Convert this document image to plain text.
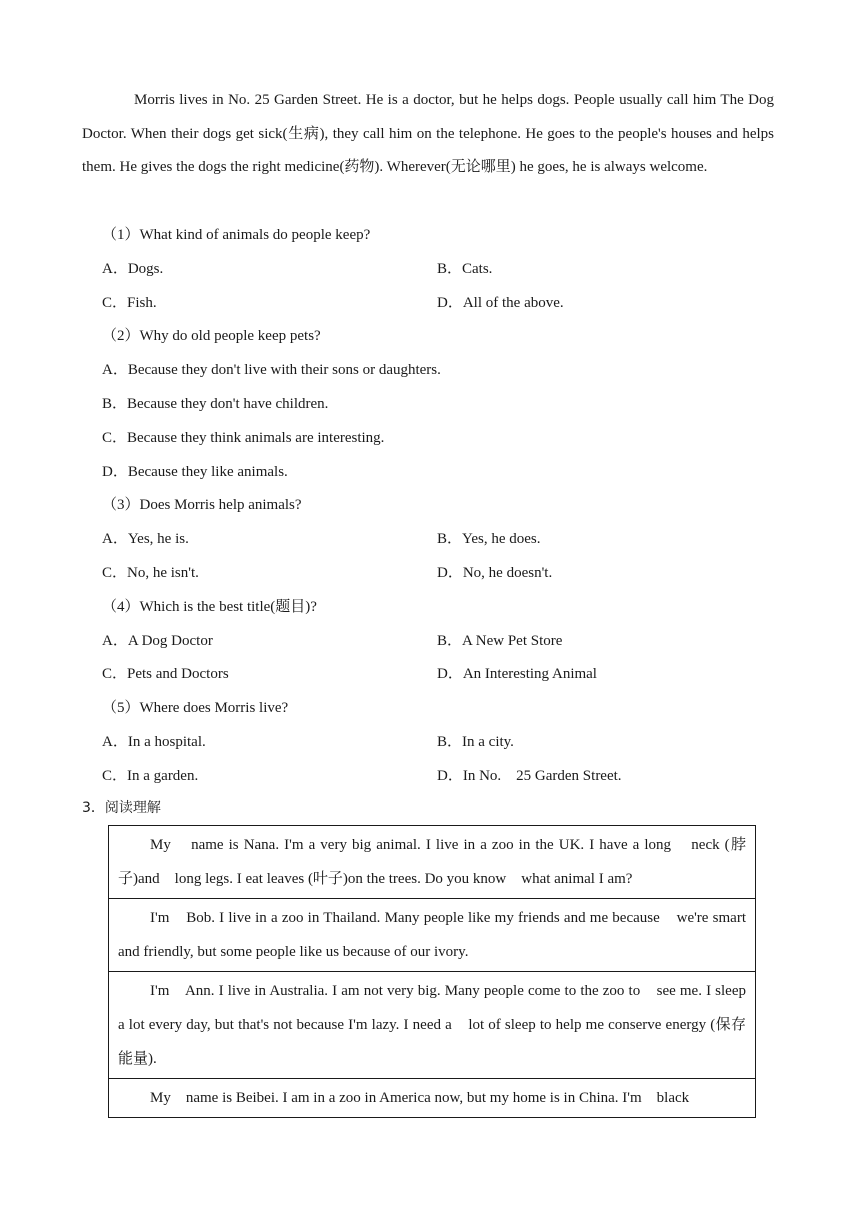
Morris lives in No. 25 Garden Street. He is a doctor, but he helps dogs. People usually call him The Dog Doctor. When their dogs get sick(生病), they call him on the telephone. He goes to the people's houses and helps them. He gives the dogs the right medicine(药物). Wherever(无论哪里) he goes, he is always welcome.
（1）What kind of animals do people keep?
A．Dogs.	B．Cats.
C．Fish.	D．All of the above.
（2）Why do old people keep pets?
A．Because they don't live with their sons or daughters.
B．Because they don't have children.
C．Because they think animals are interesting.
D．Because they like animals.
（3）Does Morris help animals?
A．Yes, he is.	B．Yes, he does.
C．No, he isn't.	D．No, he doesn't.
（4）Which is the best title(题目)?
A．A Dog Doctor	B．A New Pet Store
C．Pets and Doctors	D．An Interesting Animal
（5）Where does Morris live?
A．In a hospital.	B．In a city.
C．In a garden.	D．In No.    25 Garden Street.
3．阅读理解
My    name is Nana. I'm a very big animal. I live in a zoo in the UK. I have a long    neck (脖子)and    long legs. I eat leaves (叶子)on the trees. Do you know    what animal I am?

I'm    Bob. I live in a zoo in Thailand. Many people like my friends and me because    we're smart and friendly, but some people like us because of our ivory.

I'm    Ann. I live in Australia. I am not very big. Many people come to the zoo to    see me. I sleep a lot every day, but that's not because I'm lazy. I need a    lot of sleep to help me conserve energy (保存能量).

My    name is Beibei. I am in a zoo in America now, but my home is in China. I'm    black
